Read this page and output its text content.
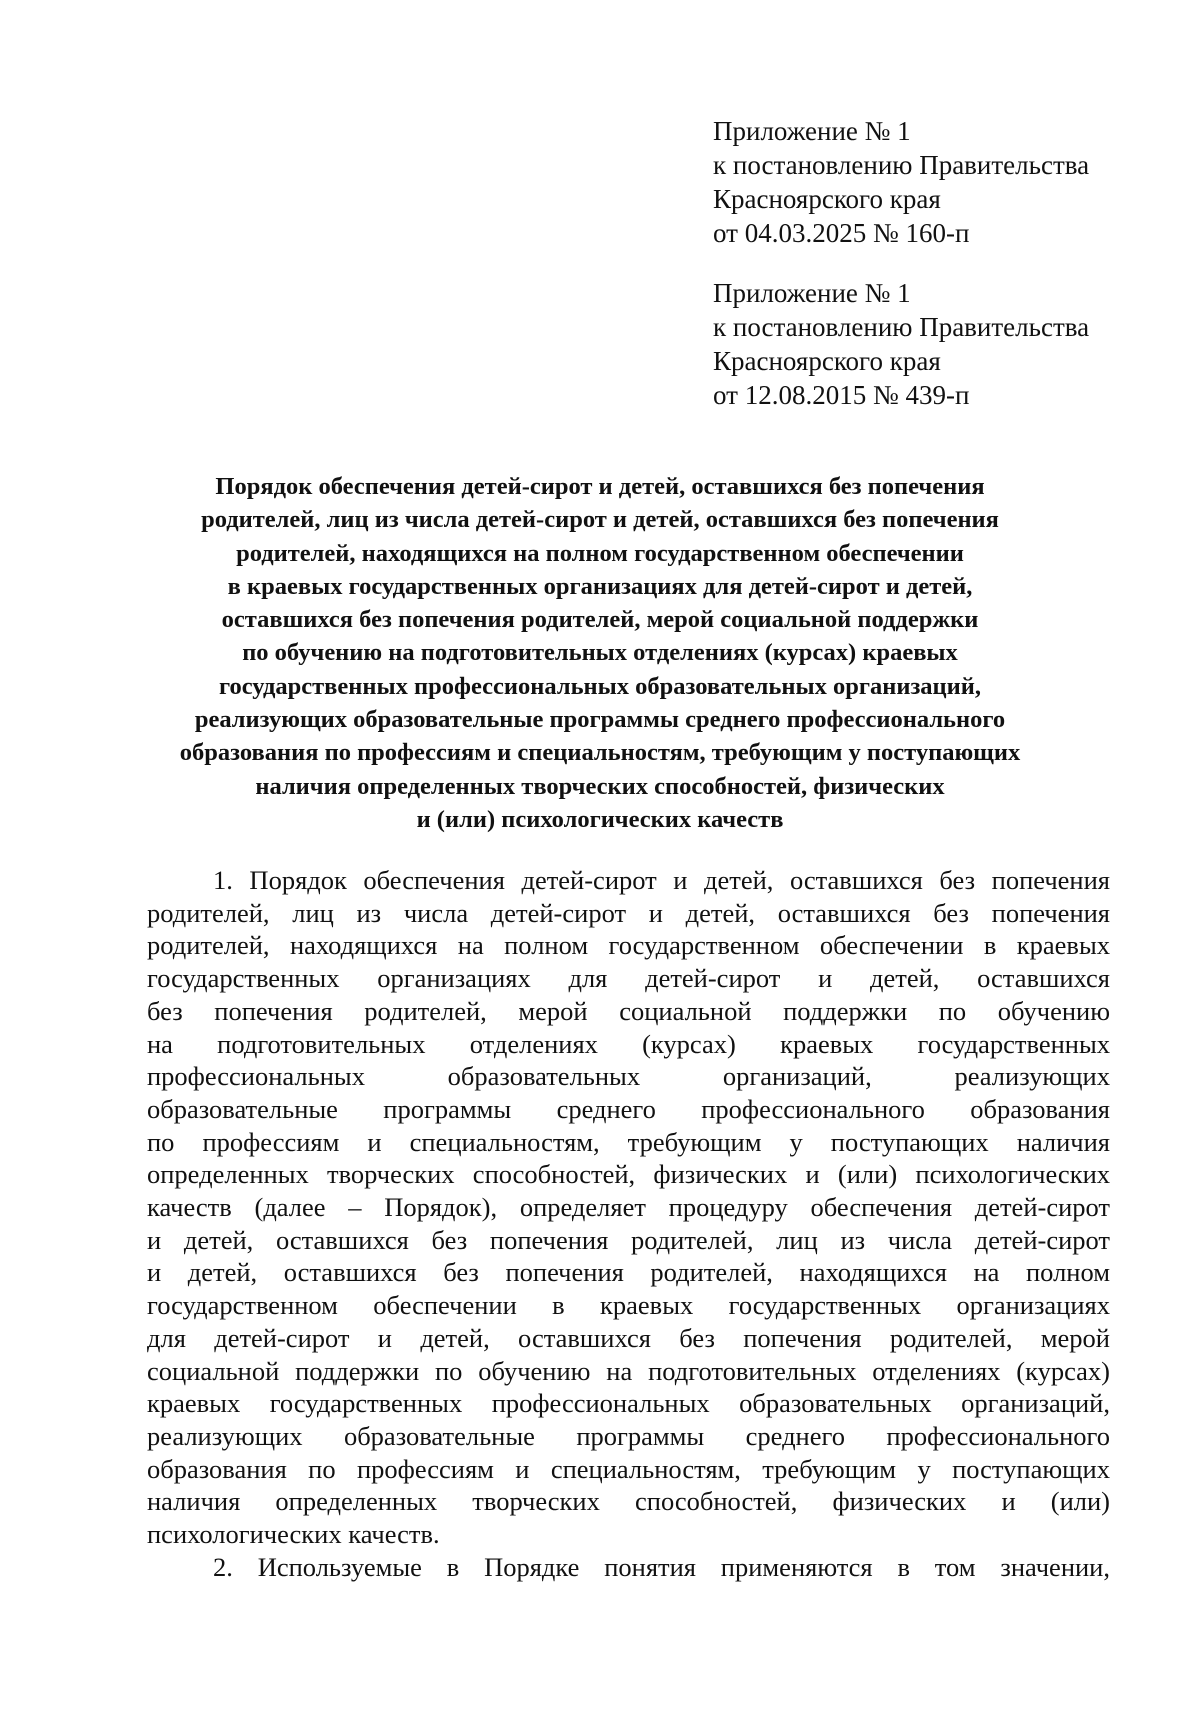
Приложение № 1
к постановлению Правительства
Красноярского края
от 04.03.2025 № 160-п
Приложение № 1
к постановлению Правительства
Красноярского края
от 12.08.2015 № 439-п
Порядок обеспечения детей-сирот и детей, оставшихся без попечения
родителей, лиц из числа детей-сирот и детей, оставшихся без попечения
родителей, находящихся на полном государственном обеспечении
в краевых государственных организациях для детей-сирот и детей,
оставшихся без попечения родителей, мерой социальной поддержки
по обучению на подготовительных отделениях (курсах) краевых
государственных профессиональных образовательных организаций,
реализующих образовательные программы среднего профессионального
образования по профессиям и специальностям, требующим у поступающих
наличия определенных творческих способностей, физических
и (или) психологических качеств
1. Порядок обеспечения детей-сирот и детей, оставшихся без попечения
родителей, лиц из числа детей-сирот и детей, оставшихся без попечения
родителей, находящихся на полном государственном обеспечении в краевых
государственных организациях для детей-сирот и детей, оставшихся
без попечения родителей, мерой социальной поддержки по обучению
на подготовительных отделениях (курсах) краевых государственных
профессиональных образовательных организаций, реализующих
образовательные программы среднего профессионального образования
по профессиям и специальностям, требующим у поступающих наличия
определенных творческих способностей, физических и (или) психологических
качеств (далее – Порядок), определяет процедуру обеспечения детей-сирот
и детей, оставшихся без попечения родителей, лиц из числа детей-сирот
и детей, оставшихся без попечения родителей, находящихся на полном
государственном обеспечении в краевых государственных организациях
для детей-сирот и детей, оставшихся без попечения родителей, мерой
социальной поддержки по обучению на подготовительных отделениях (курсах)
краевых государственных профессиональных образовательных организаций,
реализующих образовательные программы среднего профессионального
образования по профессиям и специальностям, требующим у поступающих
наличия определенных творческих способностей, физических и (или)
психологических качеств.
2. Используемые в Порядке понятия применяются в том значении,
